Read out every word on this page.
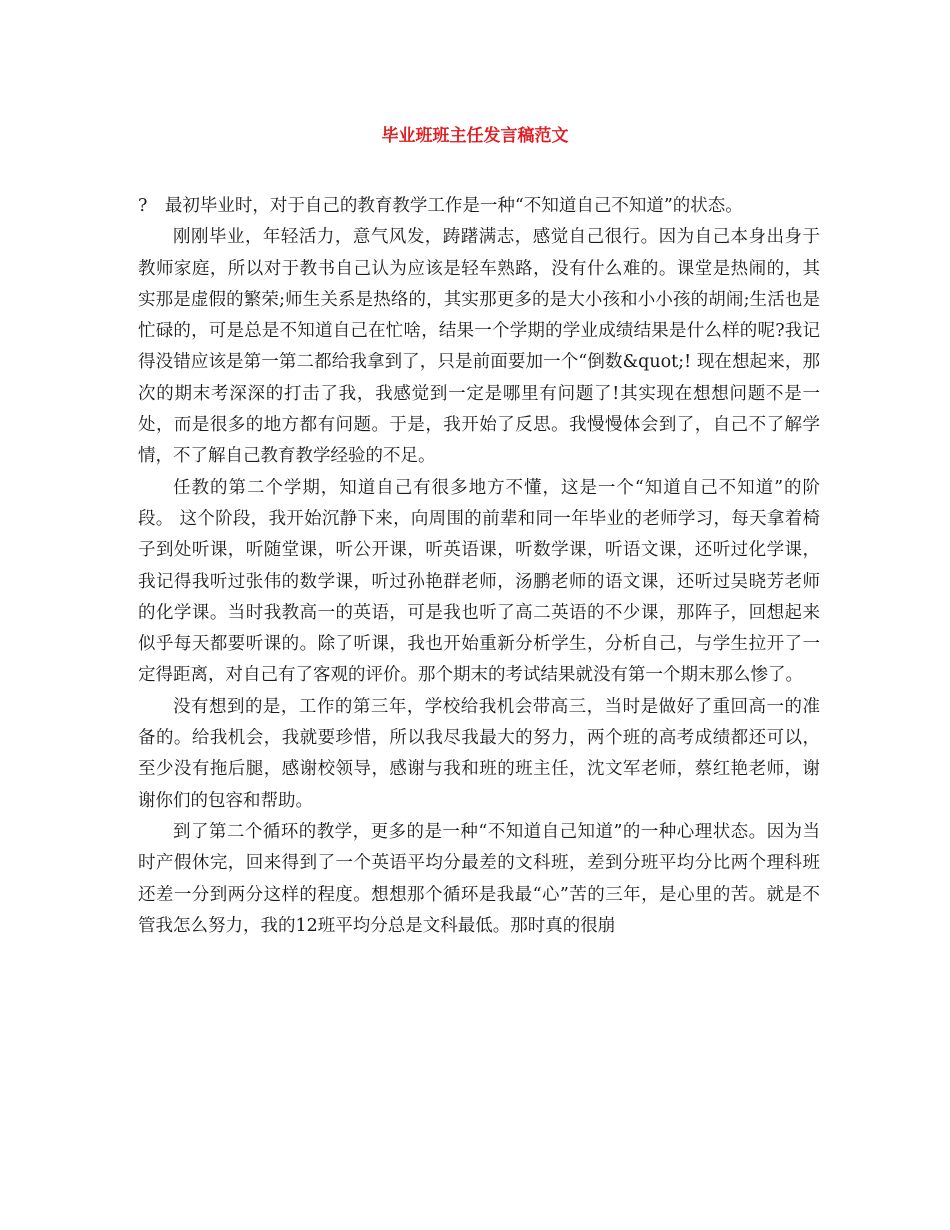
毕业班班主任发言稿范文

?　最初毕业时，对于自己的教育教学工作是一种“不知道自己不知道”的状态。

刚刚毕业，年轻活力，意气风发，踌躇满志，感觉自己很行。因为自己本身出身于教师家庭，所以对于教书自己认为应该是轻车熟路，没有什么难的。课堂是热闹的，其实那是虚假的繁荣;师生关系是热络的，其实那更多的是大小孩和小小孩的胡闹;生活也是忙碌的，可是总是不知道自己在忙啥，结果一个学期的学业成绩结果是什么样的呢?我记得没错应该是第一第二都给我拿到了，只是前面要加一个“倒数&quot;! 现在想起来，那次的期末考深深的打击了我，我感觉到一定是哪里有问题了!其实现在想想问题不是一处，而是很多的地方都有问题。于是，我开始了反思。我慢慢体会到了，自己不了解学情，不了解自己教育教学经验的不足。

任教的第二个学期，知道自己有很多地方不懂，这是一个“知道自己不知道”的阶段。 这个阶段，我开始沉静下来，向周围的前辈和同一年毕业的老师学习，每天拿着椅子到处听课，听随堂课，听公开课，听英语课，听数学课，听语文课，还听过化学课，我记得我听过张伟的数学课，听过孙艳群老师，汤鹏老师的语文课，还听过吴晓芳老师的化学课。当时我教高一的英语，可是我也听了高二英语的不少课，那阵子，回想起来似乎每天都要听课的。除了听课，我也开始重新分析学生，分析自己，与学生拉开了一定得距离，对自己有了客观的评价。那个期末的考试结果就没有第一个期末那么惨了。

没有想到的是，工作的第三年，学校给我机会带高三，当时是做好了重回高一的准备的。给我机会，我就要珍惜，所以我尽我最大的努力，两个班的高考成绩都还可以，至少没有拖后腿，感谢校领导，感谢与我和班的班主任，沈文军老师，蔡红艳老师，谢谢你们的包容和帮助。

到了第二个循环的教学，更多的是一种“不知道自己知道”的一种心理状态。因为当时产假休完，回来得到了一个英语平均分最差的文科班，差到分班平均分比两个理科班还差一分到两分这样的程度。想想那个循环是我最“心”苦的三年，是心里的苦。就是不管我怎么努力，我的12班平均分总是文科最低。那时真的很崩
